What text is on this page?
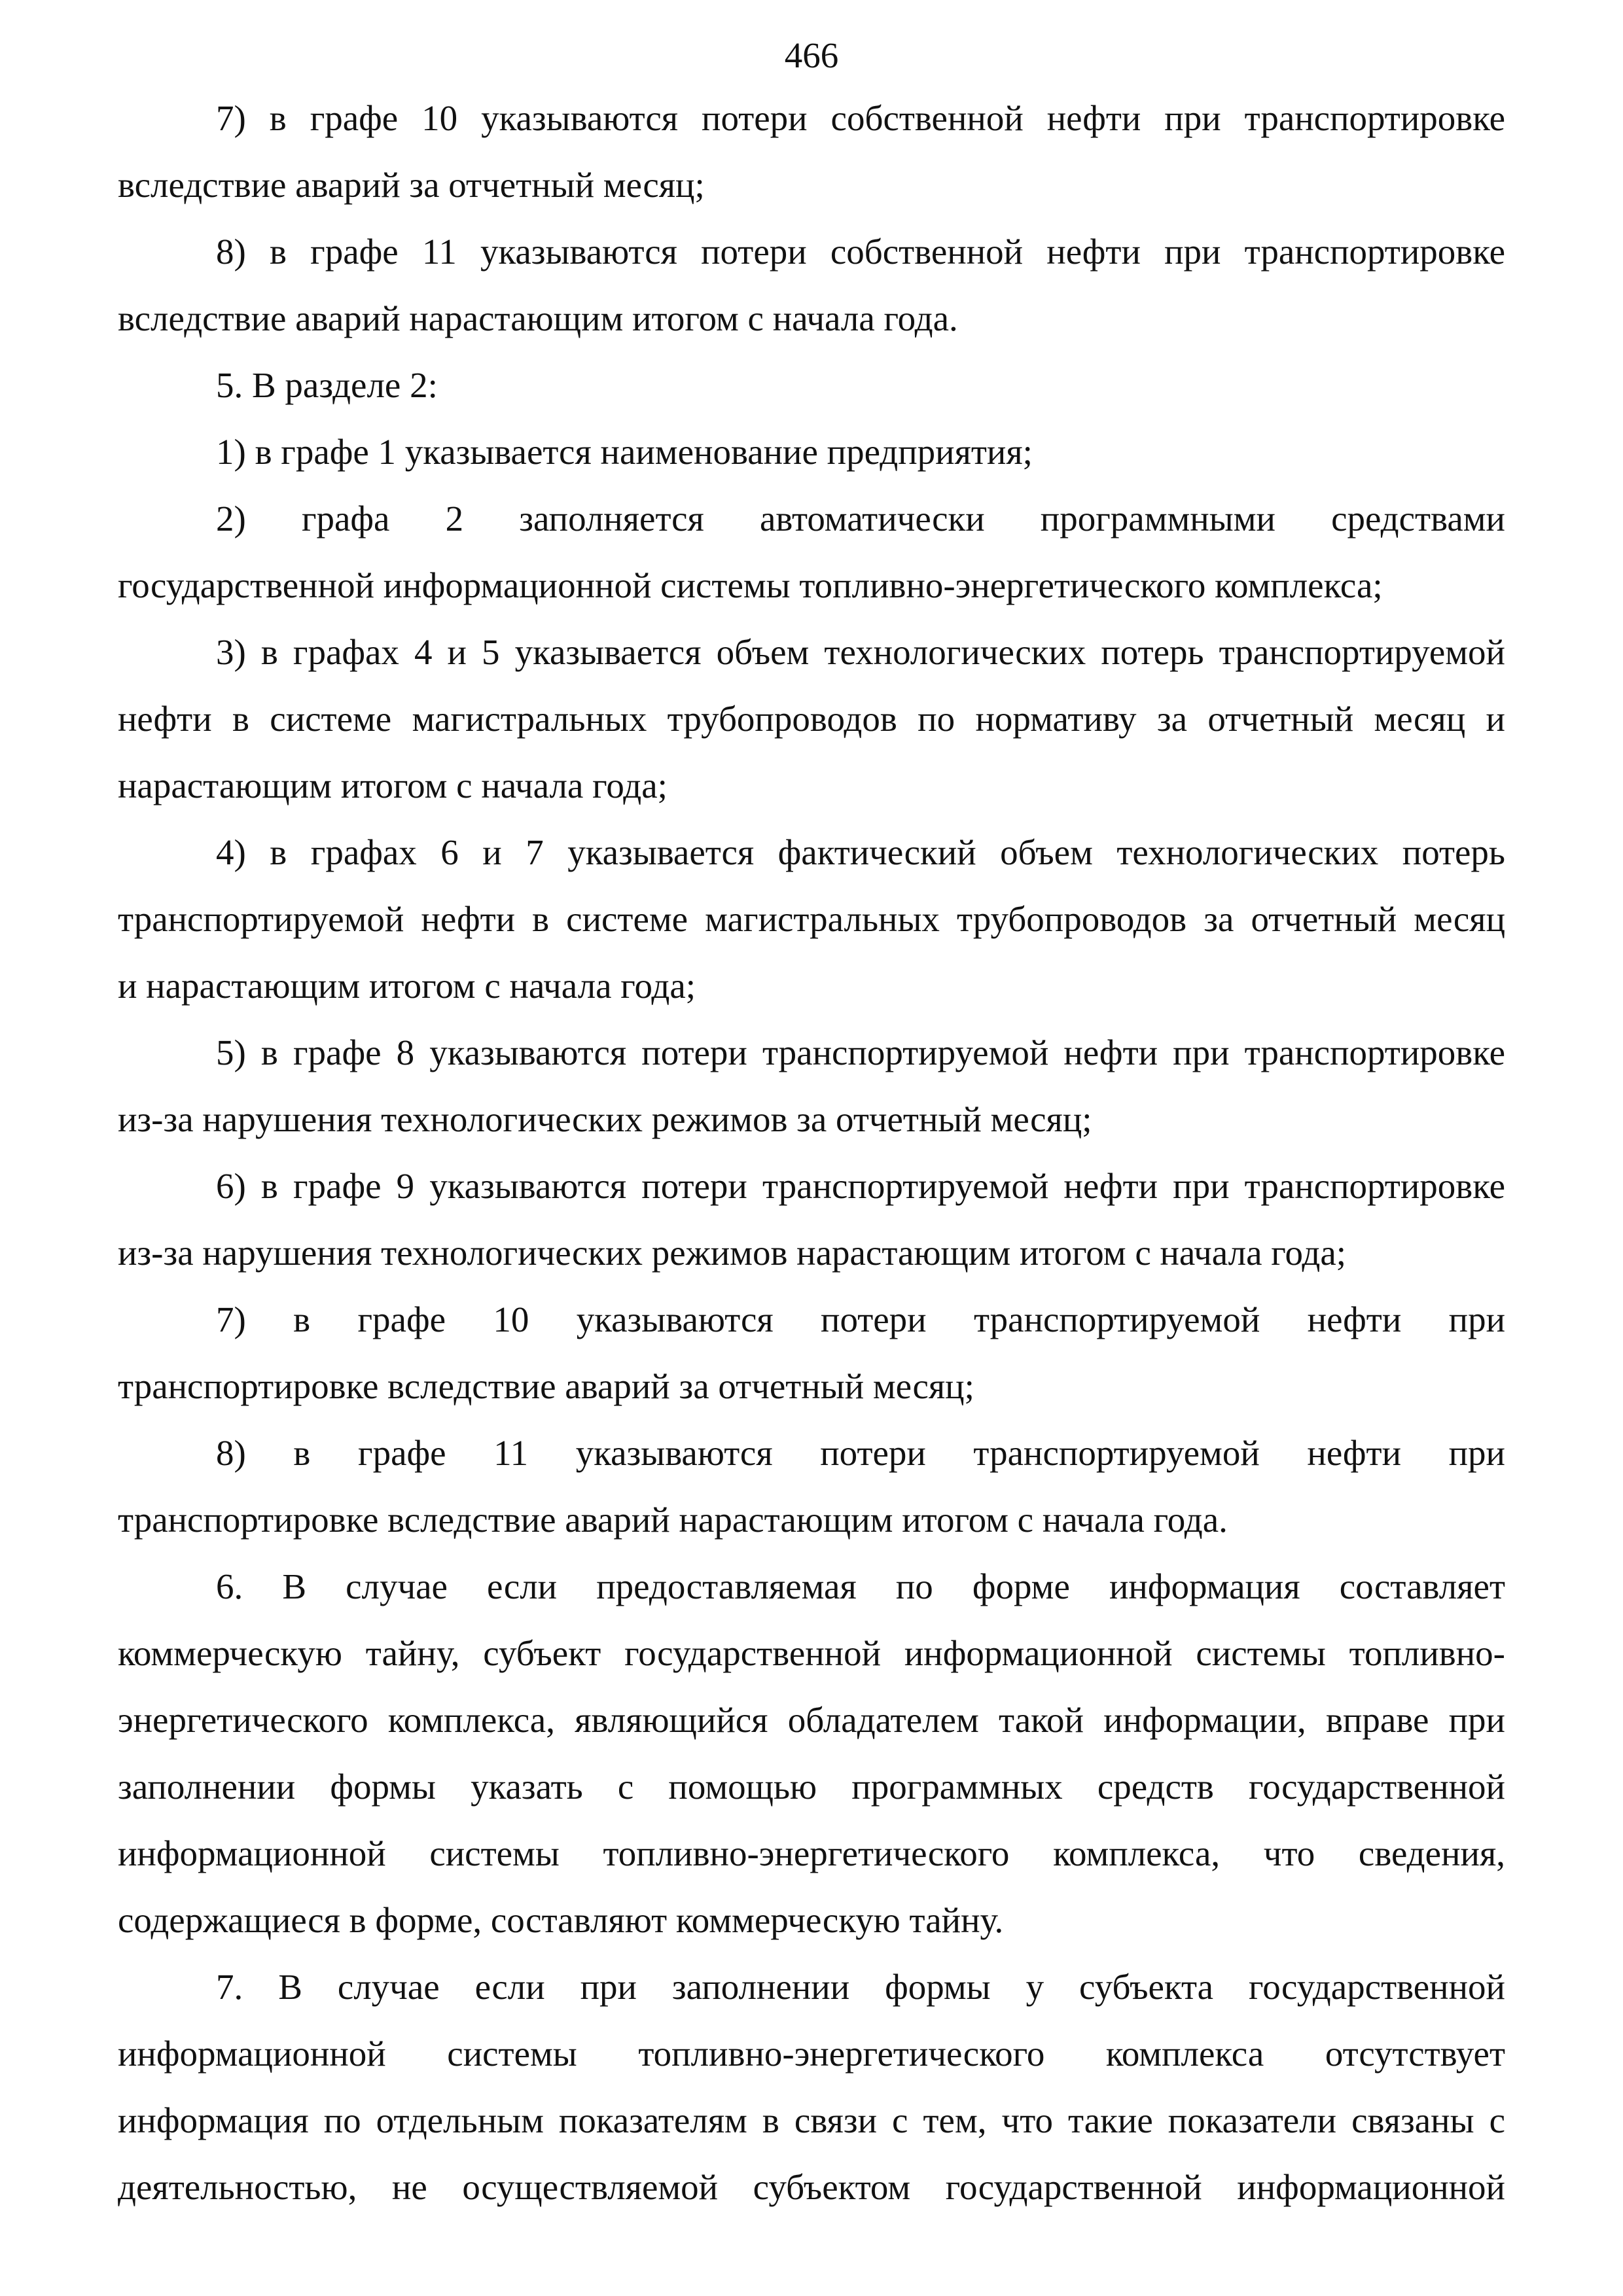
466
7) в графе 10 указываются потери собственной нефти при транспортировке
вследствие аварий за отчетный месяц;
8) в графе 11 указываются потери собственной нефти при транспортировке
вследствие аварий нарастающим итогом с начала года.
5. В разделе 2:
1) в графе 1 указывается наименование предприятия;
2) графа 2 заполняется автоматически программными средствами
государственной информационной системы топливно-энергетического комплекса;
3) в графах 4 и 5 указывается объем технологических потерь транспортируемой
нефти в системе магистральных трубопроводов по нормативу за отчетный месяц и
нарастающим итогом с начала года;
4) в графах 6 и 7 указывается фактический объем технологических потерь
транспортируемой нефти в системе магистральных трубопроводов за отчетный месяц
и нарастающим итогом с начала года;
5) в графе 8 указываются потери транспортируемой нефти при транспортировке
из-за нарушения технологических режимов за отчетный месяц;
6) в графе 9 указываются потери транспортируемой нефти при транспортировке
из-за нарушения технологических режимов нарастающим итогом с начала года;
7) в графе 10 указываются потери транспортируемой нефти при
транспортировке вследствие аварий за отчетный месяц;
8) в графе 11 указываются потери транспортируемой нефти при
транспортировке вследствие аварий нарастающим итогом с начала года.
6. В случае если предоставляемая по форме информация составляет
коммерческую тайну, субъект государственной информационной системы топливно-
энергетического комплекса, являющийся обладателем такой информации, вправе при
заполнении формы указать с помощью программных средств государственной
информационной системы топливно-энергетического комплекса, что сведения,
содержащиеся в форме, составляют коммерческую тайну.
7. В случае если при заполнении формы у субъекта государственной
информационной системы топливно-энергетического комплекса отсутствует
информация по отдельным показателям в связи с тем, что такие показатели связаны с
деятельностью, не осуществляемой субъектом государственной информационной
